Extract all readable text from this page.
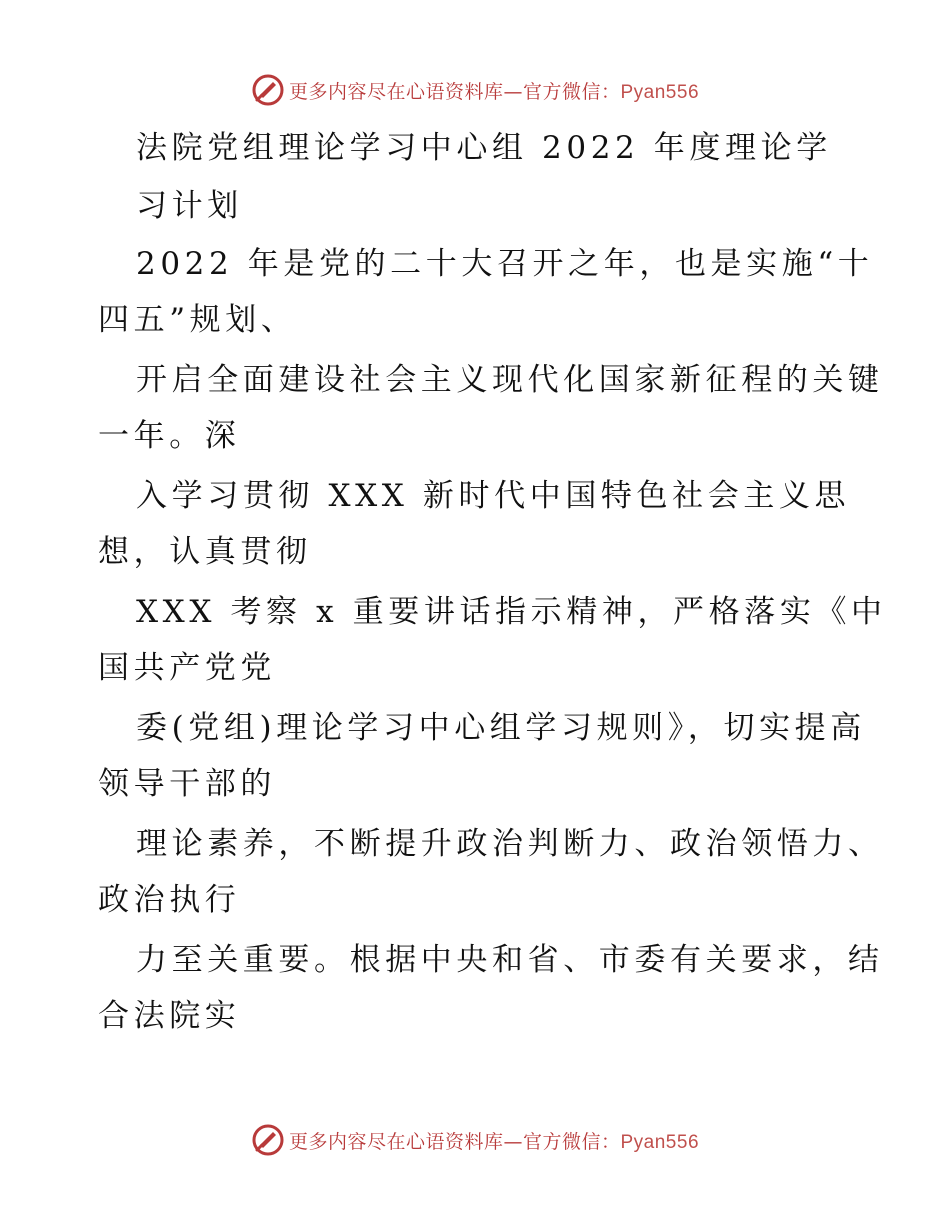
更多内容尽在心语资料库—官方微信：Pyan556
法院党组理论学习中心组 2022 年度理论学
习计划
2022 年是党的二十大召开之年，也是实施“十
四五”规划、
开启全面建设社会主义现代化国家新征程的关键
一年。深
入学习贯彻 XXX 新时代中国特色社会主义思
想，认真贯彻
XXX 考察 x 重要讲话指示精神，严格落实《中
国共产党党
委(党组)理论学习中心组学习规则》，切实提高
领导干部的
理论素养，不断提升政治判断力、政治领悟力、
政治执行
力至关重要。根据中央和省、市委有关要求，结
合法院实
更多内容尽在心语资料库—官方微信：Pyan556
